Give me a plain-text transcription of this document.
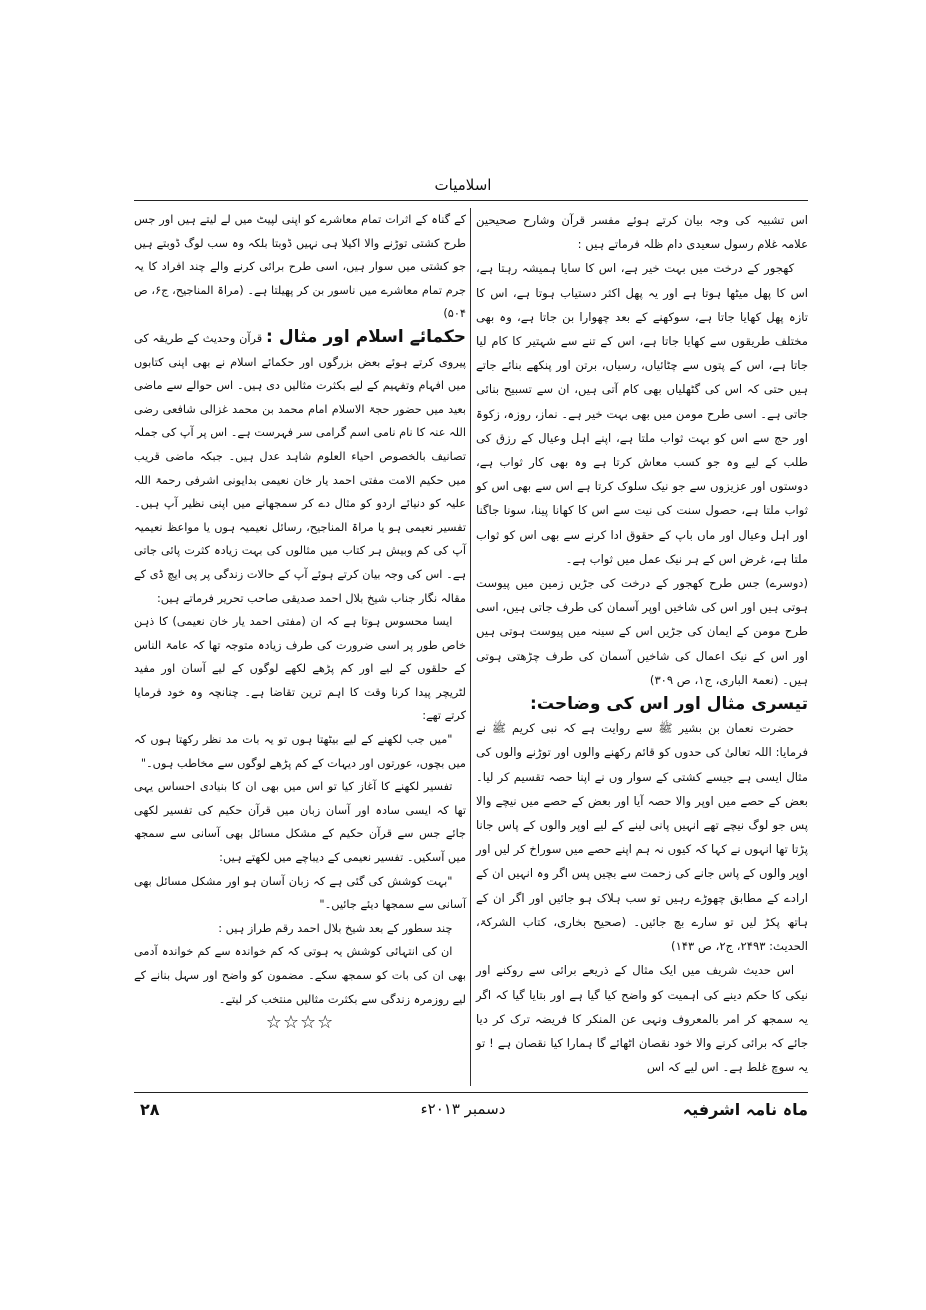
اسلامیات

اس تشبیہ کی وجہ بیان کرتے ہوئے مفسر قرآن وشارح صحیحین علامہ غلام رسول سعیدی دام ظلہ فرماتے ہیں :

کھجور کے درخت میں بہت خیر ہے، اس کا سایا ہمیشہ رہتا ہے، اس کا پھل میٹھا ہوتا ہے اور یہ پھل اکثر دستیاب ہوتا ہے، اس کا تازہ پھل کھایا جاتا ہے، سوکھنے کے بعد چھوارا بن جاتا ہے، وہ بھی مختلف طریقوں سے کھایا جاتا ہے، اس کے تنے سے شہتیر کا کام لیا جاتا ہے، اس کے پتوں سے چٹائیاں، رسیاں، برتن اور پنکھے بنائے جاتے ہیں حتی کہ اس کی گٹھلیاں بھی کام آتی ہیں، ان سے تسبیح بنائی جاتی ہے۔ اسی طرح مومن میں بھی بہت خیر ہے۔ نماز، روزہ، زکوۃ اور حج سے اس کو بہت ثواب ملتا ہے، اپنے اہل وعیال کے رزق کی طلب کے لیے وہ جو کسب معاش کرتا ہے وہ بھی کار ثواب ہے، دوستوں اور عزیزوں سے جو نیک سلوک کرتا ہے اس سے بھی اس کو ثواب ملتا ہے، حصول سنت کی نیت سے اس کا کھانا پینا، سونا جاگنا اور اہل وعیال اور ماں باپ کے حقوق ادا کرنے سے بھی اس کو ثواب ملتا ہے، غرض اس کے ہر نیک عمل میں ثواب ہے۔

(دوسرے) جس طرح کھجور کے درخت کی جڑیں زمین میں پیوست ہوتی ہیں اور اس کی شاخیں اوپر آسمان کی طرف جاتی ہیں، اسی طرح مومن کے ایمان کی جڑیں اس کے سینہ میں پیوست ہوتی ہیں اور اس کے نیک اعمال کی شاخیں آسمان کی طرف چڑھتی ہوتی ہیں۔ (نعمۃ الباری، ج۱، ص ۳۰۹)

تیسری مثال اور اس کی وضاحت:

حضرت نعمان بن بشیر ﷺ سے روایت ہے کہ نبی کریم ﷺ نے فرمایا: اللہ تعالیٰ کی حدوں کو قائم رکھنے والوں اور توڑنے والوں کی مثال ایسی ہے جیسے کشتی کے سوار وں نے اپنا حصہ تقسیم کر لیا۔ بعض کے حصے میں اوپر والا حصہ آیا اور بعض کے حصے میں نیچے والا پس جو لوگ نیچے تھے انہیں پانی لینے کے لیے اوپر والوں کے پاس جانا پڑتا تھا انہوں نے کہا کہ کیوں نہ ہم اپنے حصے میں سوراخ کر لیں اور اوپر والوں کے پاس جانے کی زحمت سے بچیں پس اگر وہ انہیں ان کے ارادے کے مطابق چھوڑے رہیں تو سب ہلاک ہو جائیں اور اگر ان کے ہاتھ پکڑ لیں تو سارے بچ جائیں۔ (صحیح بخاری، کتاب الشرکۃ، الحدیث: ۲۴۹۳، ج۲، ص ۱۴۳)

اس حدیث شریف میں ایک مثال کے ذریعے برائی سے روکنے اور نیکی کا حکم دینے کی اہمیت کو واضح کیا گیا ہے اور بتایا گیا کہ اگر یہ سمجھ کر امر بالمعروف ونہی عن المنکر کا فریضہ ترک کر دیا جائے کہ برائی کرنے والا خود نقصان اٹھائے گا ہمارا کیا نقصان ہے ! تو یہ سوچ غلط ہے۔ اس لیے کہ اس

کے گناہ کے اثرات تمام معاشرے کو اپنی لپیٹ میں لے لیتے ہیں اور جس طرح کشتی توڑنے والا اکیلا ہی نہیں ڈوبتا بلکہ وہ سب لوگ ڈوبتے ہیں جو کشتی میں سوار ہیں، اسی طرح برائی کرنے والے چند افراد کا یہ جرم تمام معاشرے میں ناسور بن کر پھیلتا ہے۔ (مراۃ المناجیح، ج۶، ص ۵۰۴)

حکمائے اسلام اور مثال : قرآن وحدیث کے طریقہ کی پیروی کرتے ہوئے بعض بزرگوں اور حکمائے اسلام نے بھی اپنی کتابوں میں افہام وتفہیم کے لیے بکثرت مثالیں دی ہیں۔ اس حوالے سے ماضی بعید میں حضور حجۃ الاسلام امام محمد بن محمد غزالی شافعی رضی اللہ عنہ کا نام نامی اسم گرامی سر فہرست ہے۔ اس پر آپ کی جملہ تصانیف بالخصوص احیاء العلوم شاہد عدل ہیں۔ جبکہ ماضی قریب میں حکیم الامت مفتی احمد یار خان نعیمی بدایونی اشرفی رحمۃ اللہ علیہ کو دنیائے اردو کو مثال دے کر سمجھانے میں اپنی نظیر آپ ہیں۔ تفسیر نعیمی ہو یا مراۃ المناجیح، رسائل نعیمیہ ہوں یا مواعظ نعیمیہ آپ کی کم وبیش ہر کتاب میں مثالوں کی بہت زیادہ کثرت پائی جاتی ہے۔ اس کی وجہ بیان کرتے ہوئے آپ کے حالات زندگی پر پی ایچ ڈی کے مقالہ نگار جناب شیخ بلال احمد صدیقی صاحب تحریر فرماتے ہیں:

ایسا محسوس ہوتا ہے کہ ان (مفتی احمد یار خان نعیمی) کا ذہن خاص طور پر اسی ضرورت کی طرف زیادہ متوجہ تھا کہ عامۃ الناس کے حلقوں کے لیے اور کم پڑھے لکھے لوگوں کے لیے آسان اور مفید لٹریچر پیدا کرنا وقت کا اہم ترین تقاضا ہے۔ چنانچہ وہ خود فرمایا کرتے تھے:

"میں جب لکھنے کے لیے بیٹھتا ہوں تو یہ بات مد نظر رکھتا ہوں کہ میں بچوں، عورتوں اور دیہات کے کم پڑھے لوگوں سے مخاطب ہوں۔"

تفسیر لکھنے کا آغاز کیا تو اس میں بھی ان کا بنیادی احساس یہی تھا کہ ایسی سادہ اور آسان زبان میں قرآن حکیم کی تفسیر لکھی جائے جس سے قرآن حکیم کے مشکل مسائل بھی آسانی سے سمجھ میں آسکیں۔ تفسیر نعیمی کے دیباچے میں لکھتے ہیں:

"بہت کوشش کی گئی ہے کہ زبان آسان ہو اور مشکل مسائل بھی آسانی سے سمجھا دیئے جائیں۔"

چند سطور کے بعد شیخ بلال احمد رقم طراز ہیں :

ان کی انتہائی کوشش یہ ہوتی کہ کم خواندہ سے کم خواندہ آدمی بھی ان کی بات کو سمجھ سکے۔ مضمون کو واضح اور سہل بنانے کے لیے روزمرہ زندگی سے بکثرت مثالیں منتخب کر لیتے۔

☆☆☆☆

۲۸	دسمبر ۲۰۱۳ء	ماہ نامہ اشرفیہ
